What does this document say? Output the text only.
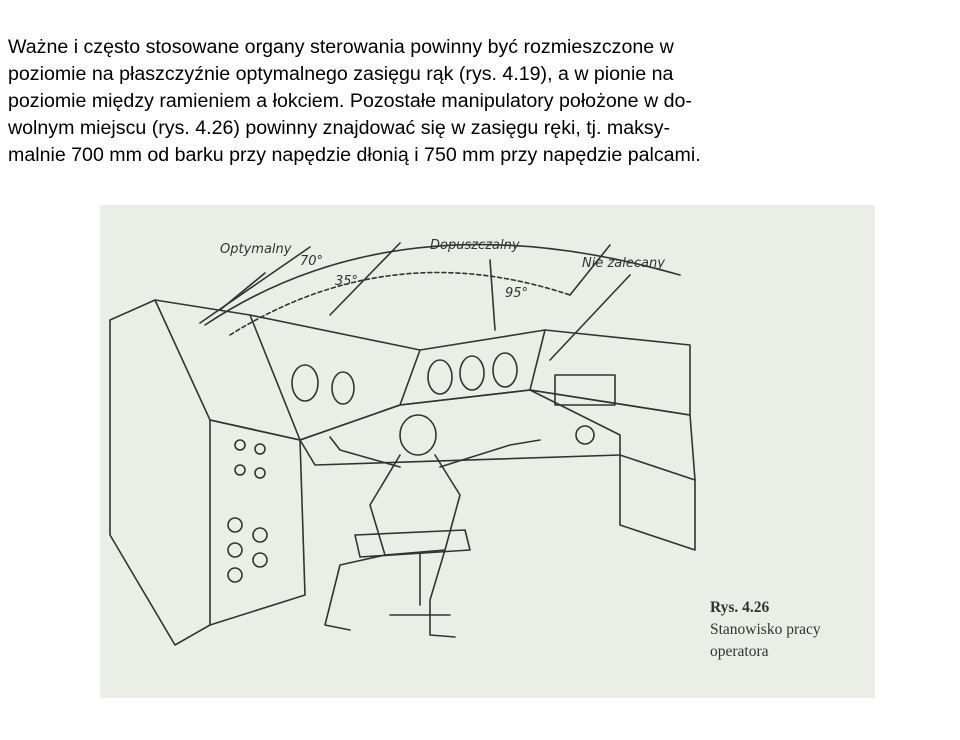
Ważne i często stosowane organy sterowania powinny być rozmieszczone w
poziomie na płaszczyźnie optymalnego zasięgu rąk (rys. 4.19), a w pionie na
poziomie między ramieniem a łokciem. Pozostałe manipulatory położone w do-
wolnym miejscu (rys. 4.26) powinny znajdować się w zasięgu ręki, tj. maksy-
malnie 700 mm od barku przy napędzie dłonią i 750 mm przy napędzie palcami.
Optymalny
70°
35°
Dopuszczalny
95°
Nie zalecany
Rys. 4.26
Stanowisko pracy
operatora
